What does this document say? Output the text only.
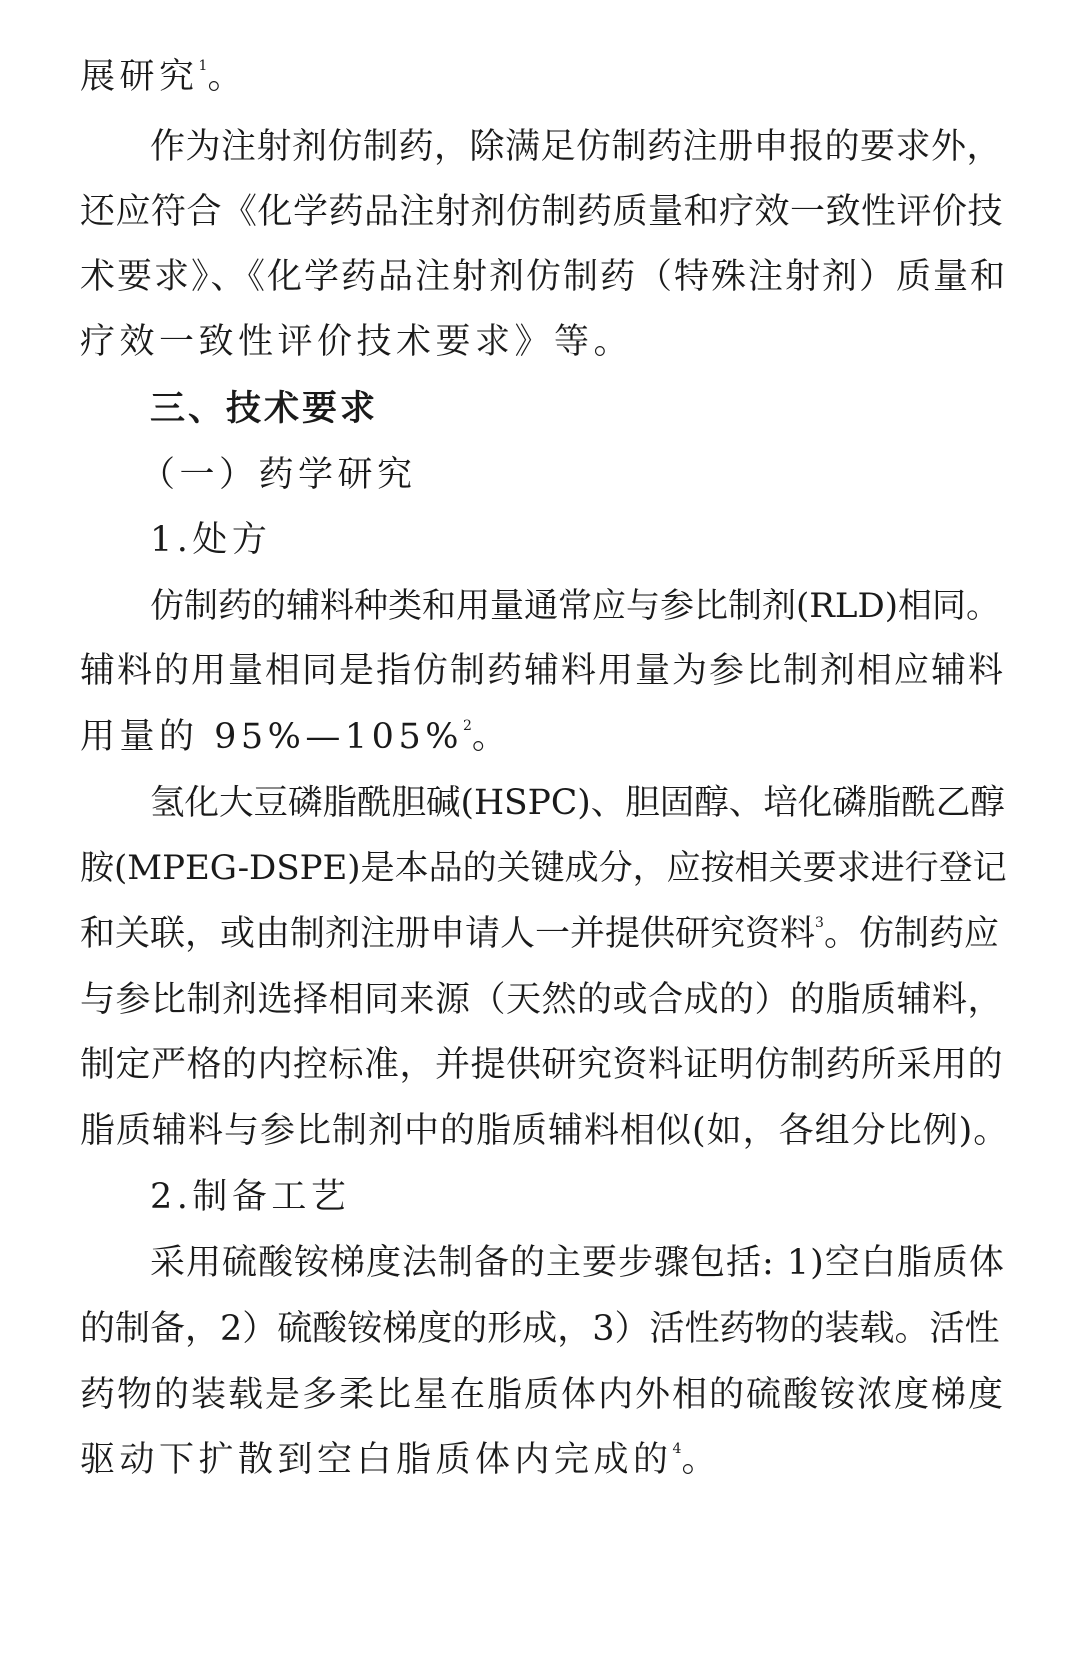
展研究$^1$。
作为注射剂仿制药，除满足仿制药注册申报的要求外，
还应符合《化学药品注射剂仿制药质量和疗效一致性评价技
术要求》、《化学药品注射剂仿制药（特殊注射剂）质量和
疗效一致性评价技术要求》等。
三、技术要求
（一）药学研究
1.处方
仿制药的辅料种类和用量通常应与参比制剂(RLD)相同。
辅料的用量相同是指仿制药辅料用量为参比制剂相应辅料
用量的 95%—105%$^2$。
氢化大豆磷脂酰胆碱(HSPC)、胆固醇、培化磷脂酰乙醇
胺(MPEG-DSPE)是本品的关键成分，应按相关要求进行登记
和关联，或由制剂注册申请人一并提供研究资料$^3$。仿制药应
与参比制剂选择相同来源（天然的或合成的）的脂质辅料，
制定严格的内控标准，并提供研究资料证明仿制药所采用的
脂质辅料与参比制剂中的脂质辅料相似(如，各组分比例)。
2.制备工艺
采用硫酸铵梯度法制备的主要步骤包括: 1)空白脂质体
的制备，2）硫酸铵梯度的形成，3）活性药物的装载。活性
药物的装载是多柔比星在脂质体内外相的硫酸铵浓度梯度
驱动下扩散到空白脂质体内完成的$^4$。
